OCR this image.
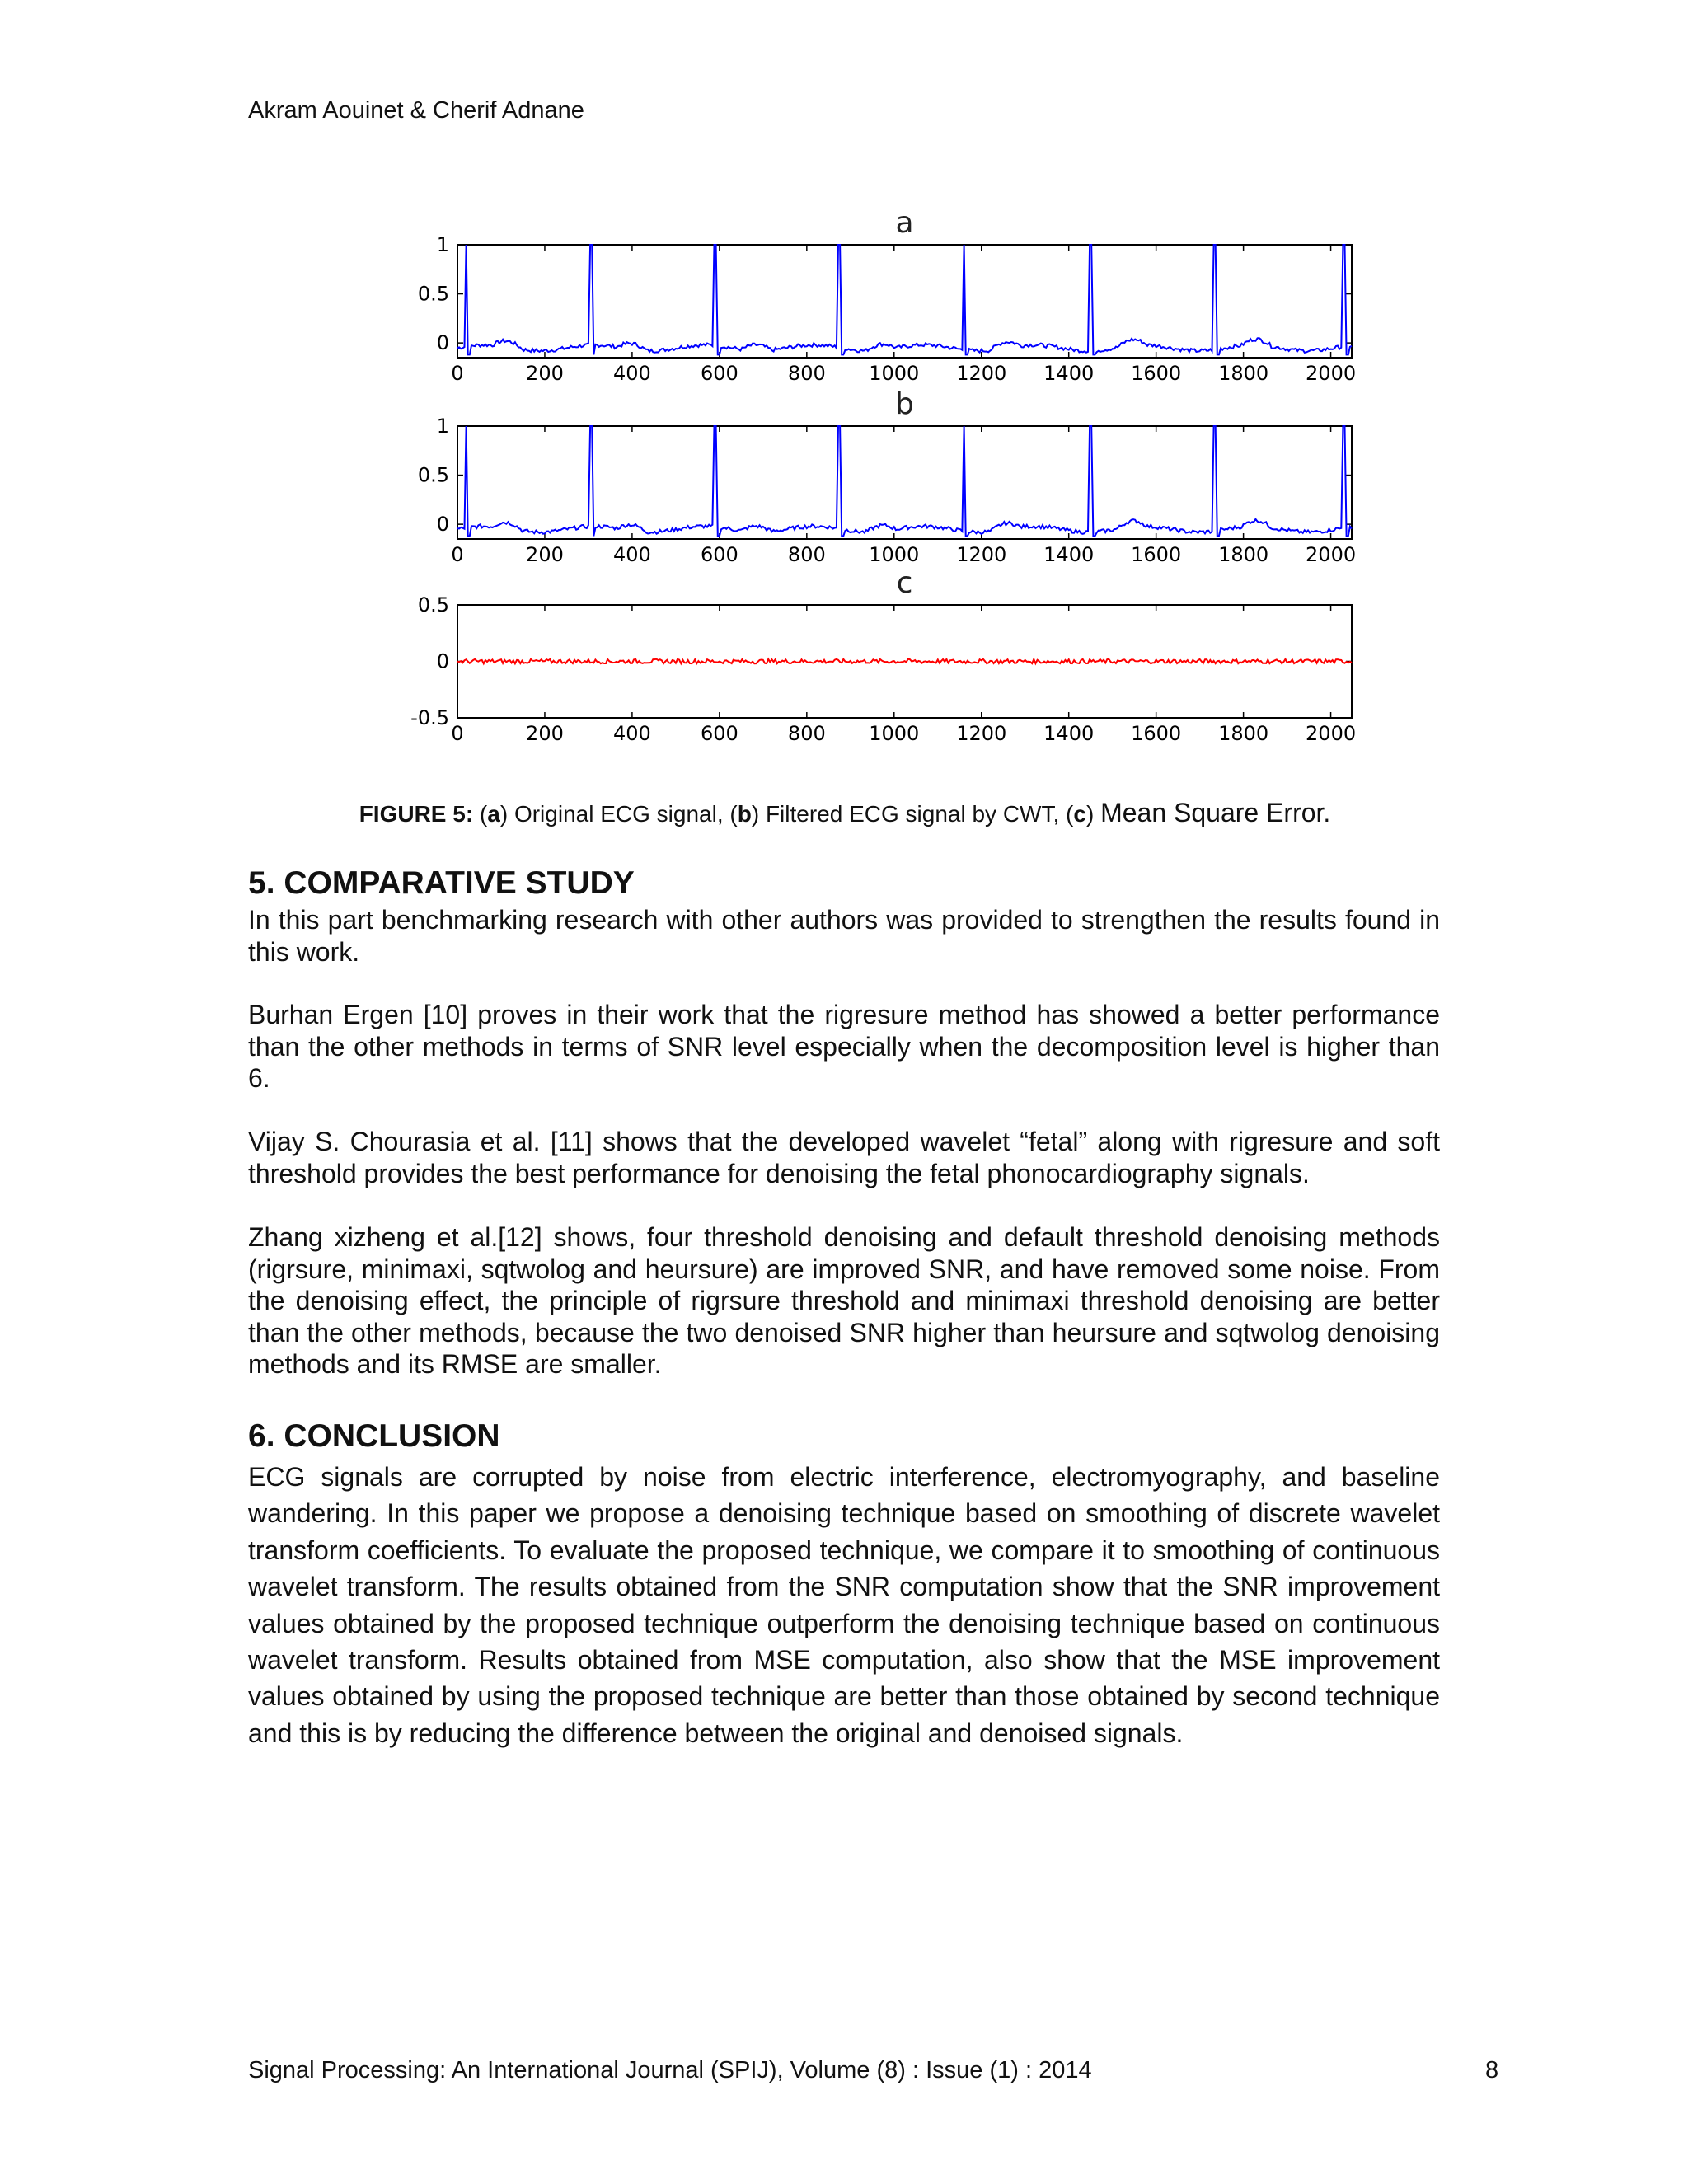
Akram Aouinet & Cherif Adnane
a
0	200	400	600	800 1000 1200 1400 1600 1800 2000
0
0.5
1
b
0	200	400	600	800 1000 1200 1400 1600 1800 2000
0
0.5
1
c
0	200	400	600	800 1000 1200 1400 1600 1800 2000
-0.5
0
0.5
FIGURE 5: (a) Original ECG signal, (b) Filtered ECG signal by CWT, (c) Mean Square Error.
5. COMPARATIVE STUDY

In this part benchmarking research with other authors was provided to strengthen the results found in this work.

Burhan Ergen [10] proves in their work that the rigresure method has showed a better performance than the other methods in terms of SNR level especially when the decomposition level is higher than 6.

Vijay S. Chourasia et al. [11] shows that the developed wavelet “fetal” along with rigresure and soft threshold provides the best performance for denoising the fetal phonocardiography signals.

Zhang xizheng et al.[12] shows, four threshold denoising and default threshold denoising methods (rigrsure, minimaxi, sqtwolog and heursure) are improved SNR, and have removed some noise. From the denoising effect, the principle of rigrsure threshold and minimaxi threshold denoising are better than the other methods, because the two denoised SNR higher than heursure and sqtwolog denoising methods and its RMSE are smaller.

6. CONCLUSION

ECG signals are corrupted by noise from electric interference, electromyography, and baseline wandering. In this paper we propose a denoising technique based on smoothing of discrete wavelet transform coefficients. To evaluate the proposed technique, we compare it to smoothing of continuous wavelet transform. The results obtained from the SNR computation show that the SNR improvement values obtained by the proposed technique outperform the denoising technique based on continuous wavelet transform. Results obtained from MSE computation, also show that the MSE improvement values obtained by using the proposed technique are better than those obtained by second technique and this is by reducing the difference between the original and denoised signals.

Signal Processing: An International Journal (SPIJ), Volume (8) : Issue (1) : 2014	8
